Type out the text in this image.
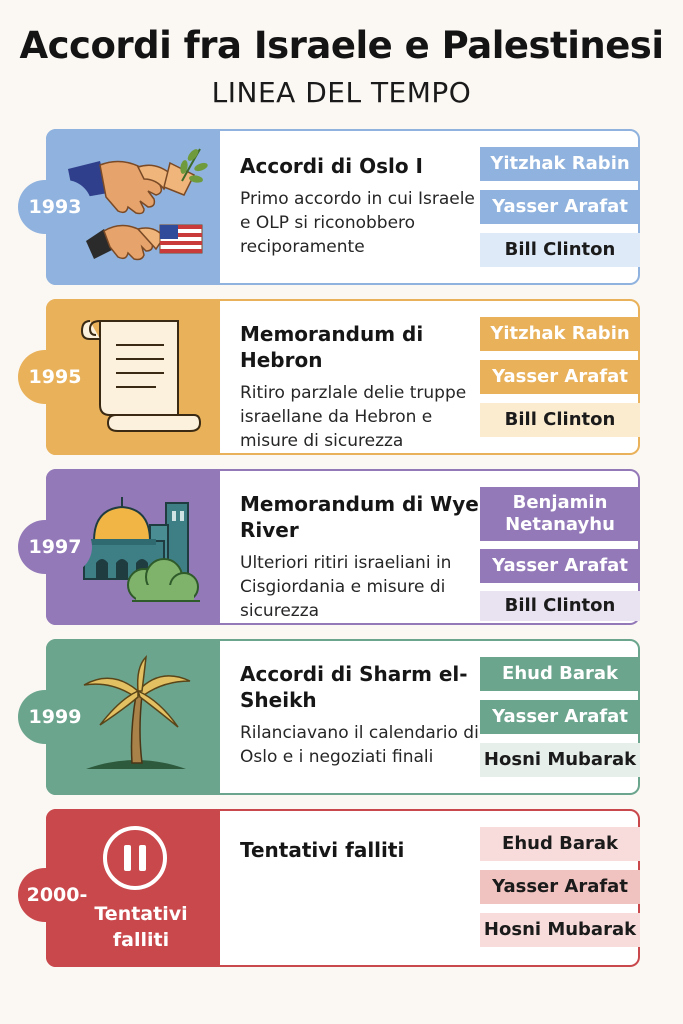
Accordi fra Israele e Palestinesi
LINEA DEL TEMPO
1993
Accordi di Oslo I
Primo accordo in cui Israele e OLP si riconobbero reciporamente
Yitzhak Rabin
Yasser Arafat
Bill Clinton
1995
Memorandum di Hebron
Ritiro parzlale delie truppe israellane da Hebron e misure di sicurezza
Yitzhak Rabin
Yasser Arafat
Bill Clinton
1997
Memorandum di Wye River
Ulteriori ritiri israeliani in Cisgiordania e misure di sicurezza
Benjamin Netanayhu
Yasser Arafat
Bill Clinton
1999
Accordi di Sharm el-Sheikh
Rilanciavano il calendario di Oslo e i negoziati finali
Ehud Barak
Yasser Arafat
Hosni Mubarak
Tentativi falliti
2000-
Tentativi falliti	Ehud Barak
Yasser Arafat
Hosni Mubarak
